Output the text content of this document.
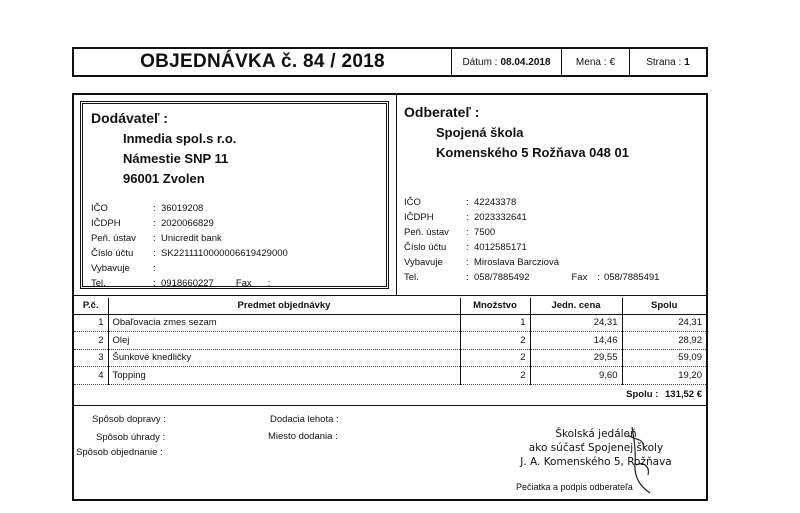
OBJEDNÁVKA č. 84 / 2018	Dátum : 08.04.2018	Mena : €	Strana : 1
Dodávateľ :
Inmedia spol.s r.o.
Námestie SNP 11
96001 Zvolen
IČO	: 36019208
IČDPH	: 2020066829
Peň. ústav	: Unicredit bank
Číslo účtu	: SK2211110000006619429000
Vybavuje	:
Tel.	: 0918660227 Fax :
Odberateľ :
Spojená škola
Komenského 5 Rožňava 048 01
IČO	: 42243378
IČDPH	: 2023332641
Peň. ústav	: 7500
Číslo účtu	: 4012585171
Vybavuje	: Miroslava Barcziová
Tel.	: 058/7885492	Fax : 058/7885491
P.č.	Predmet objednávky	Množstvo	Jedn. cena	Spolu
1	Obaľovacia zmes sezam	1	24,31	24,31
2	Olej	2	14,46	28,92
3	Šunkové knedličky	2	29,55	59,09
4	Topping	2	9,60	19,20
Spolu : 131,52 €
Spôsob dopravy :
Spôsob úhrady :
Spôsob objednanie :
Dodacia lehota :
Miesto dodania :	Školská jedáleň
ako súčasť Spojenej školy
J. A. Komenského 5, Rožňava
Pečiatka a podpis odberateľa
